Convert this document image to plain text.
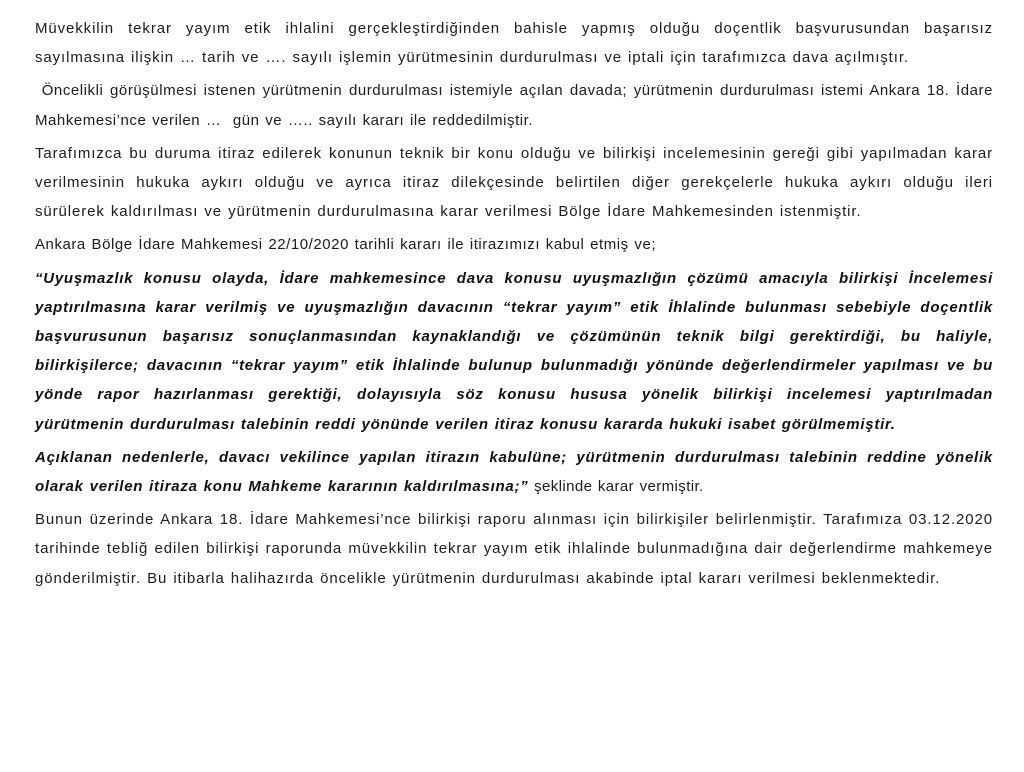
Müvekkilin tekrar yayım etik ihlalini gerçekleştirdiğinden bahisle yapmış olduğu doçentlik başvurusundan başarısız sayılmasına ilişkin … tarih ve …. sayılı işlemin yürütmesinin durdurulması ve iptali için tarafımızca dava açılmıştır.

Öncelikli görüşülmesi istenen yürütmenin durdurulması istemiyle açılan davada; yürütmenin durdurulması istemi Ankara 18. İdare Mahkemesi’nce verilen …  gün ve ….. sayılı kararı ile reddedilmiştir.

Tarafımızca bu duruma itiraz edilerek konunun teknik bir konu olduğu ve bilirkişi incelemesinin gereği gibi yapılmadan karar verilmesinin hukuka aykırı olduğu ve ayrıca itiraz dilekçesinde belirtilen diğer gerekçelerle hukuka aykırı olduğu ileri sürülerek kaldırılması ve yürütmenin durdurulmasına karar verilmesi Bölge İdare Mahkemesinden istenmiştir.

Ankara Bölge İdare Mahkemesi 22/10/2020 tarihli kararı ile itirazımızı kabul etmiş ve;

“Uyuşmazlık konusu olayda, İdare mahkemesince dava konusu uyuşmazlığın çözümü amacıyla bilirkişi İncelemesi yaptırılmasına karar verilmiş ve uyuşmazlığın davacının “tekrar yayım” etik İhlalinde bulunması sebebiyle doçentlik başvurusunun başarısız sonuçlanmasından kaynaklandığı ve çözümünün teknik bilgi gerektirdiği, bu haliyle, bilirkişilerce; davacının “tekrar yayım” etik İhlalinde bulunup bulunmadığı yönünde değerlendirmeler yapılması ve bu yönde rapor hazırlanması gerektiği, dolayısıyla söz konusu hususa yönelik bilirkişi incelemesi yaptırılmadan yürütmenin durdurulması talebinin reddi yönünde verilen itiraz konusu kararda hukuki isabet görülmemiştir.

Açıklanan nedenlerle, davacı vekilince yapılan itirazın kabulüne; yürütmenin durdurulması talebinin reddine yönelik olarak verilen itiraza konu Mahkeme kararının kaldırılmasına;” şeklinde karar vermiştir.

Bunun üzerinde Ankara 18. İdare Mahkemesi’nce bilirkişi raporu alınması için bilirkişiler belirlenmiştir. Tarafımıza 03.12.2020 tarihinde tebliğ edilen bilirkişi raporunda müvekkilin tekrar yayım etik ihlalinde bulunmadığına dair değerlendirme mahkemeye gönderilmiştir. Bu itibarla halihazırda öncelikle yürütmenin durdurulması akabinde iptal kararı verilmesi beklenmektedir.
